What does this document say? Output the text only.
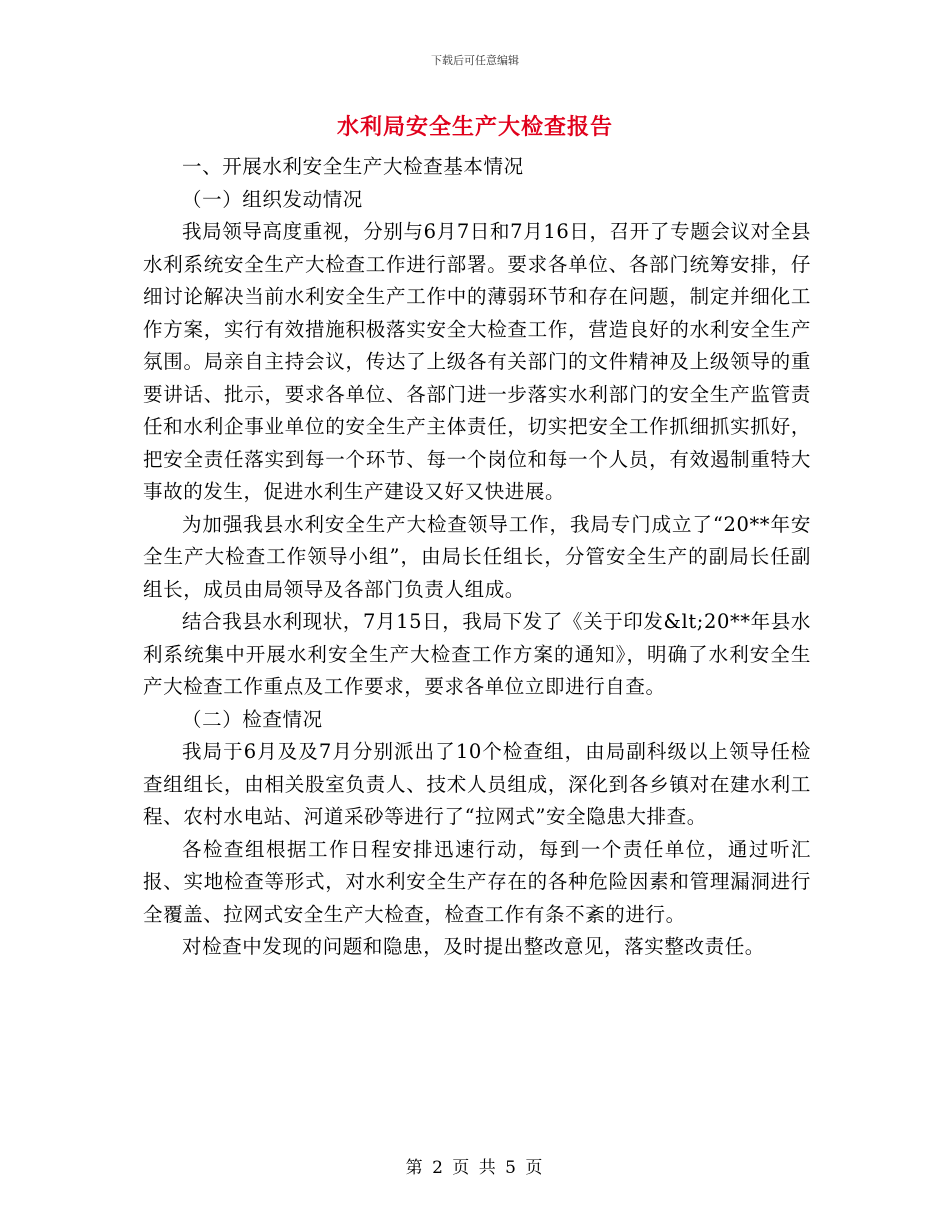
下载后可任意编辑
水利局安全生产大检查报告

一、开展水利安全生产大检查基本情况

（一）组织发动情况

我局领导高度重视，分别与6月7日和7月16日，召开了专题会议对全县水利系统安全生产大检查工作进行部署。要求各单位、各部门统筹安排，仔细讨论解决当前水利安全生产工作中的薄弱环节和存在问题，制定并细化工作方案，实行有效措施积极落实安全大检查工作，营造良好的水利安全生产氛围。局亲自主持会议，传达了上级各有关部门的文件精神及上级领导的重要讲话、批示，要求各单位、各部门进一步落实水利部门的安全生产监管责任和水利企事业单位的安全生产主体责任，切实把安全工作抓细抓实抓好，把安全责任落实到每一个环节、每一个岗位和每一个人员，有效遏制重特大事故的发生，促进水利生产建设又好又快进展。

为加强我县水利安全生产大检查领导工作，我局专门成立了“20**年安全生产大检查工作领导小组”，由局长任组长，分管安全生产的副局长任副组长，成员由局领导及各部门负责人组成。

结合我县水利现状，7月15日，我局下发了《关于印发&lt;20**年县水利系统集中开展水利安全生产大检查工作方案的通知》，明确了水利安全生产大检查工作重点及工作要求，要求各单位立即进行自查。

（二）检查情况

我局于6月及及7月分别派出了10个检查组，由局副科级以上领导任检查组组长，由相关股室负责人、技术人员组成，深化到各乡镇对在建水利工程、农村水电站、河道采砂等进行了“拉网式”安全隐患大排查。

各检查组根据工作日程安排迅速行动，每到一个责任单位，通过听汇报、实地检查等形式，对水利安全生产存在的各种危险因素和管理漏洞进行全覆盖、拉网式安全生产大检查，检查工作有条不紊的进行。

对检查中发现的问题和隐患，及时提出整改意见，落实整改责任。

第 2 页 共 5 页
